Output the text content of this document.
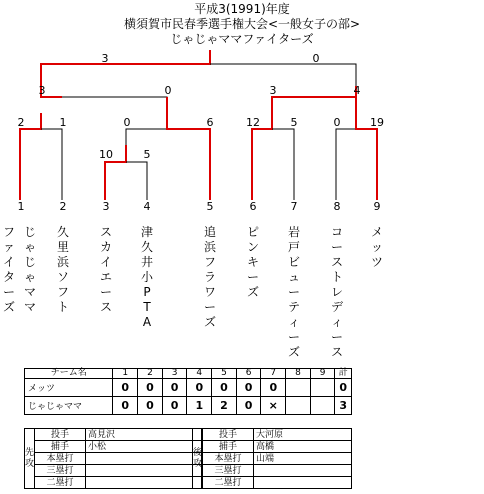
平成3(1991)年度
横須賀市民春季選手権大会<一般女子の部>
じゃじゃママファイターズ
3	0
3	0	3	4
2	1	0	6
10	5
12	5	0	19
1	2	3	4	5	6	7	8	9
ファイターズ
じゃじゃママ
久里浜ソフト
スカイエース
津久井小PTA
追浜フラワーズ
ピンキーズ
岩戸ビューティーズ
コーストレディース
メッツ
チーム名	1	2	3	4	5	6	7	8	9	計
メッツ	0	0	0	0	0	0	0			0
じゃじゃママ	0	0	0	1	2	0	×			3
先攻	投手	高見沢
	捕手	小松
	本塁打	
	三塁打	
	二塁打	
後攻	投手	大河原
	捕手	高橋
	本塁打	山端
	三塁打	
	二塁打	
